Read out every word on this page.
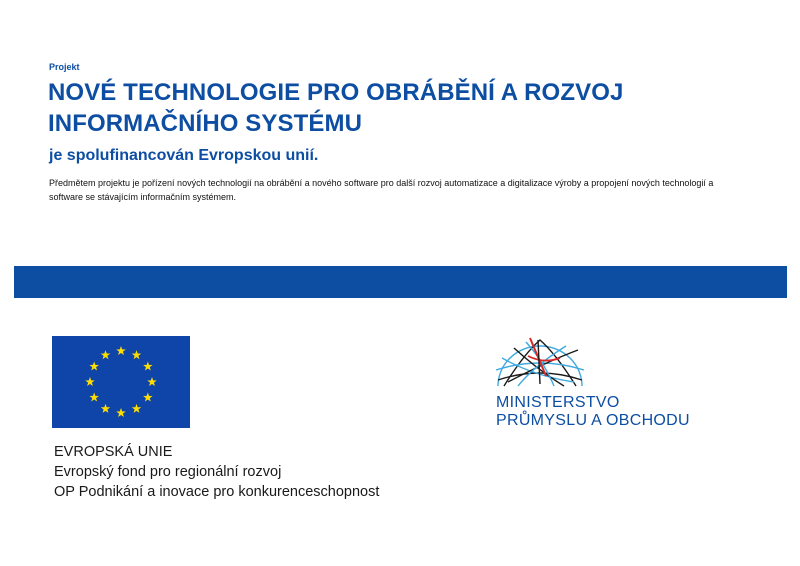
Projekt
NOVÉ TECHNOLOGIE PRO OBRÁBĚNÍ A ROZVOJ INFORMAČNÍHO SYSTÉMU
je spolufinancován Evropskou unií.

Předmětem projektu je pořízení nových technologií na obrábění a nového software pro další rozvoj automatizace a digitalizace výroby a propojení nových technologií a software se stávajícím informačním systémem.

EVROPSKÁ UNIE
Evropský fond pro regionální rozvoj
OP Podnikání a inovace pro konkurenceschopnost
MINISTERSTVO
PRŮMYSLU A OBCHODU
